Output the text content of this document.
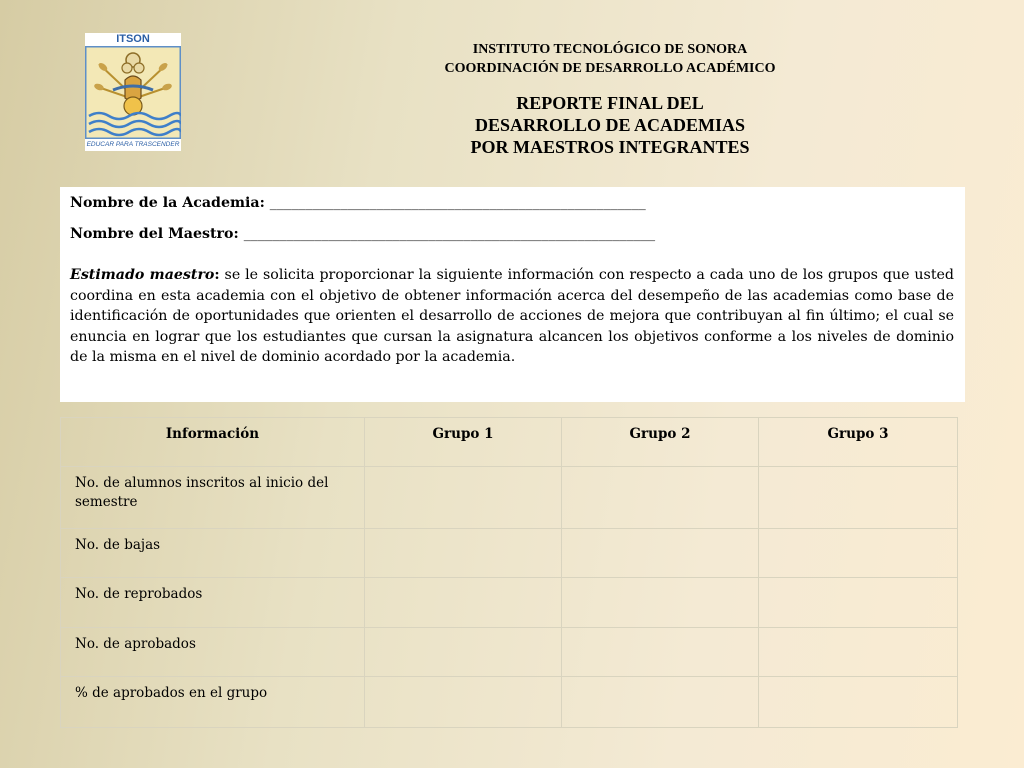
ITSON
EDUCAR PARA TRASCENDER
INSTITUTO TECNOLÓGICO DE SONORA
COORDINACIÓN DE DESARROLLO ACADÉMICO
REPORTE FINAL DEL
DESARROLLO DE ACADEMIAS
POR MAESTROS INTEGRANTES
Nombre de la Academia: _____________________________________________________
Nombre del Maestro: __________________________________________________________
Estimado maestro: se le solicita proporcionar la siguiente información con respecto a cada uno de los grupos que usted coordina en esta academia con el objetivo de obtener información acerca del desempeño de las academias como base de identificación de oportunidades que orienten el desarrollo de acciones de mejora que contribuyan al fin último; el cual se enuncia en lograr que los estudiantes que cursan la asignatura alcancen los objetivos conforme a los niveles de dominio de la misma en el nivel de dominio acordado por la academia.
Información	Grupo 1	Grupo 2	Grupo 3
No. de alumnos inscritos al inicio del semestre			
No. de bajas			
No. de reprobados			
No. de aprobados			
% de aprobados en el grupo			
